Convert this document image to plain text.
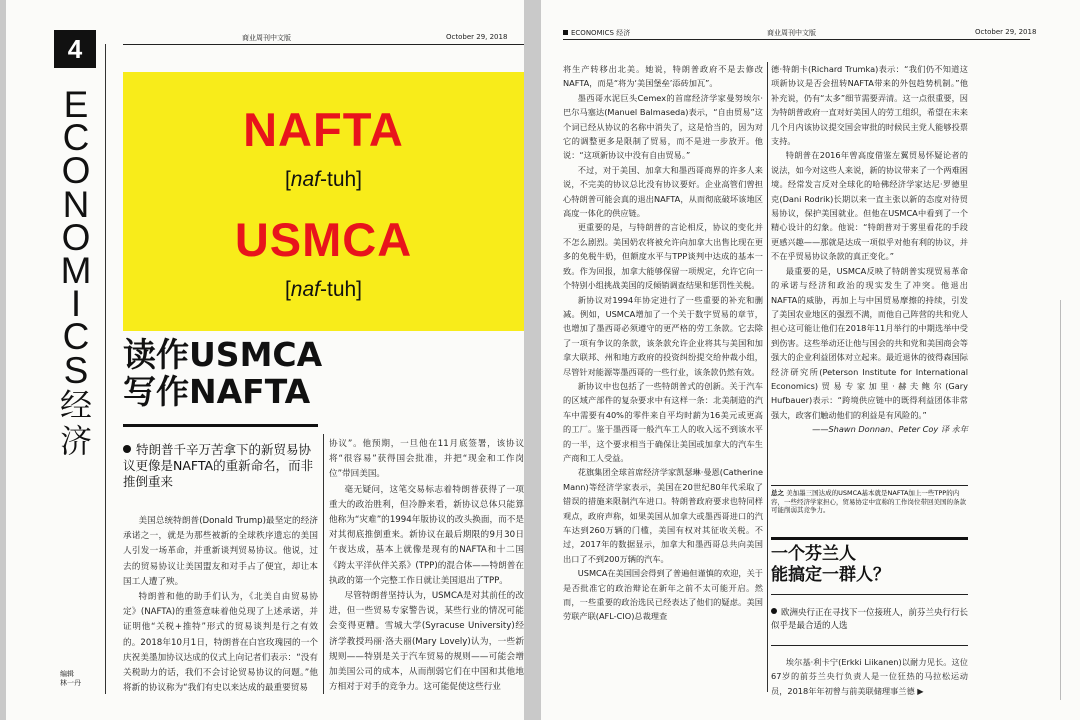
商业周刊中文版	October 29, 2018
4
E
C
O
N
O
M
I
C
S
经
济
编辑
林一丹
NAFTA
[naf-tuh]
USMCA
[naf-tuh]
读作USMCA
写作NAFTA
特朗普千辛万苦拿下的新贸易协议更像是NAFTA的重新命名，而非推倒重来

美国总统特朗普(Donald Trump)最坚定的经济承诺之一，就是为那些被新的全球秩序遗忘的美国人引发一场革命，并重新谈判贸易协议。他说，过去的贸易协议让美国盟友和对手占了便宜，却让本国工人遭了殃。

特朗普和他的助手们认为，《北美自由贸易协定》(NAFTA)的重签意味着他兑现了上述承诺，并证明他“关税+推特”形式的贸易谈判是行之有效的。2018年10月1日，特朗普在白宫玫瑰园的一个庆祝美墨加协议达成的仪式上向记者们表示：“没有关税助力的话，我们不会讨论贸易协议的问题。”他将新的协议称为“我们有史以来达成的最重要贸易

协议”。他预期，一旦他在11月底签署，该协议将“很容易”获得国会批准，并把“现金和工作岗位”带回美国。

毫无疑问，这笔交易标志着特朗普获得了一项重大的政治胜利，但冷静来看，新协议总体只能算他称为“灾难”的1994年版协议的改头换面，而不是对其彻底推倒重来。新协议在最后期限的9月30日午夜达成，基本上就像是现有的NAFTA和十二国《跨太平洋伙伴关系》(TPP)的混合体——特朗普在执政的第一个完整工作日就让美国退出了TPP。

尽管特朗普坚持认为，USMCA是对其前任的改进，但一些贸易专家警告说，某些行业的情况可能会变得更糟。雪城大学(Syracuse University)经济学教授玛丽·洛夫丽(Mary Lovely)认为，一些新规则——特别是关于汽车贸易的规则——可能会增加美国公司的成本，从而削弱它们在中国和其他地方相对于对手的竞争力。这可能促使这些行业

ECONOMICS 经济	商业周刊中文版	October 29, 2018

将生产转移出北美。她说，特朗普政府不是去修改NAFTA，而是“将为‘美国堡垒’添砖加瓦”。

墨西哥水泥巨头Cemex的首席经济学家曼努埃尔·巴尔马塞达(Manuel Balmaseda)表示，“自由贸易”这个词已经从协议的名称中消失了，这是恰当的，因为对它的调整更多是限制了贸易，而不是进一步放开。他说：“这项新协议中没有自由贸易。”

不过，对于美国、加拿大和墨西哥商界的许多人来说，不完美的协议总比没有协议要好。企业高管们曾担心特朗普可能会真的退出NAFTA，从而彻底破坏该地区高度一体化的供应链。

更重要的是，与特朗普的言论相反，协议的变化并不怎么剧烈。美国奶农将被允许向加拿大出售比现在更多的免税牛奶，但额度水平与TPP谈判中达成的基本一致。作为回报，加拿大能够保留一项规定，允许它向一个特别小组挑战美国的反倾销调查结果和惩罚性关税。

新协议对1994年协定进行了一些重要的补充和删减。例如，USMCA增加了一个关于数字贸易的章节，也增加了墨西哥必须遵守的更严格的劳工条款。它去除了一项有争议的条款，该条款允许企业将其与美国和加拿大联邦、州和地方政府的投资纠纷提交给仲裁小组，尽管针对能源等墨西哥的一些行业，该条款仍然有效。

新协议中也包括了一些特朗普式的创新。关于汽车的区域产部件的复杂要求中有这样一条：北美制造的汽车中需要有40%的零件来自平均时薪为16美元或更高的工厂。鉴于墨西哥一般汽车工人的收入远不到该水平的一半，这个要求相当于确保让美国或加拿大的汽车生产商和工人受益。

花旗集团全球首席经济学家凯瑟琳·曼恩(Catherine Mann)等经济学家表示，美国在20世纪80年代采取了错误的措施来限制汽车进口。特朗普政府要求也特同样观点，政府声称，如果美国从加拿大或墨西哥进口的汽车达到260万辆的门槛，美国有权对其征收关税。不过，2017年的数据显示，加拿大和墨西哥总共向美国出口了不到200万辆的汽车。

USMCA在美国国会得到了普遍但谨慎的欢迎，关于是否批准它的政治辩论在新年之前不太可能开启。然而，一些重要的政治选民已经表达了他们的疑虑。美国劳联产联(AFL-CIO)总裁理查

德·特朗卡(Richard Trumka)表示：“我们仍不知道这项新协议是否会扭转NAFTA带来的外包趋势机制。”他补充说，仍有“太多”细节需要弄清。这一点很重要，因为特朗普政府一直对好美国人的劳工组织，希望在未来几个月内该协议提交国会审批的时候民主党人能够投票支持。

特朗普在2016年曾高度借鉴左翼贸易怀疑论者的说法，如今对这些人来说，新的协议带来了一个两难困境。经常发言反对全球化的哈佛经济学家达尼·罗德里克(Dani Rodrik)长期以来一直主张以新的态度对待贸易协议，保护美国就业。但他在USMCA中看到了一个精心设计的幻象。他说：“特朗普对于雾里看花的手段更感兴趣——那就是达成一项似乎对他有利的协议，并不在乎贸易协议条款的真正变化。”

最重要的是，USMCA反映了特朗普实现贸易革命的承诺与经济和政治的现实发生了冲突。他退出NAFTA的威胁，再加上与中国贸易摩擦的持续，引发了美国农业地区的强烈不满，而他自己阵营的共和党人担心这可能让他们在2018年11月举行的中期选举中受到伤害。这些举动还让他与国会的共和党和美国商会等强大的企业利益团体对立起来。最近退休的彼得森国际经济研究所(Peterson Institute for International Economics)贸易专家加里·赫夫鲍尔(Gary Hufbauer)表示：“跨境供应链中的既得利益团体非常强大，政客们触动他们的利益是有风险的。”

——Shawn Donnan、Peter Coy 译 永年

总之 美加墨三国达成的USMCA基本就是NAFTA加上一些TPP的内容，一些经济学家担心，贸易协定中宣称的工作岗位带回美国的条款可能削弱其竞争力。
一个芬兰人
能搞定一群人？
欧洲央行正在寻找下一位接班人，前芬兰央行行长似乎是最合适的人选

埃尔基·利卡宁(Erkki Liikanen)以耐力见长。这位67岁的前芬兰央行负责人是一位狂热的马拉松运动员，2018年年初曾与前美联储理事兰德 ▶
